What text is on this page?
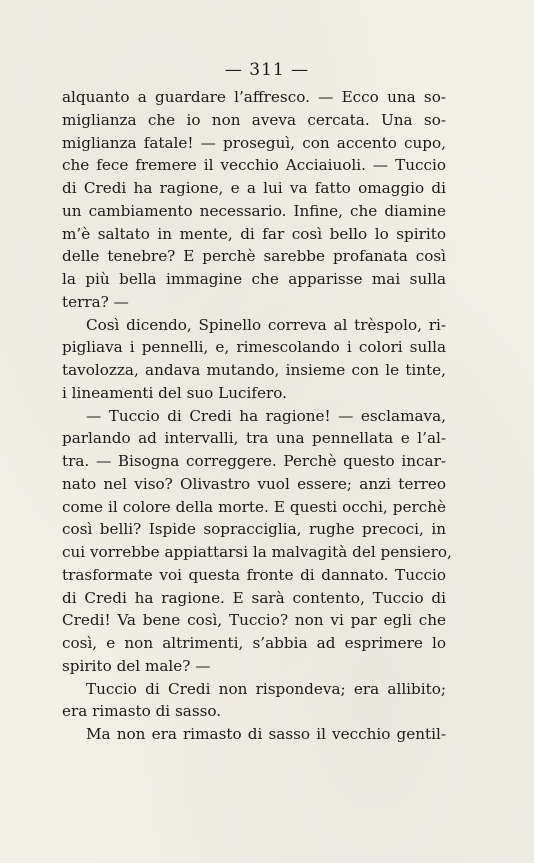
— 311 —
alquanto a guardare l’affresco. — Ecco una so-
miglianza che io non aveva cercata. Una so-
miglianza fatale! — proseguì, con accento cupo,
che fece fremere il vecchio Acciaiuoli. — Tuccio
di Credi ha ragione, e a lui va fatto omaggio di
un cambiamento necessario. Infine, che diamine
m’è saltato in mente, di far così bello lo spirito
delle tenebre? E perchè sarebbe profanata così
la più bella immagine che apparisse mai sulla
terra? —
Così dicendo, Spinello correva al trèspolo, ri-
pigliava i pennelli, e, rimescolando i colori sulla
tavolozza, andava mutando, insieme con le tinte,
i lineamenti del suo Lucifero.
— Tuccio di Credi ha ragione! — esclamava,
parlando ad intervalli, tra una pennellata e l’al-
tra. — Bisogna correggere. Perchè questo incar-
nato nel viso? Olivastro vuol essere; anzi terreo
come il colore della morte. E questi occhi, perchè
così belli? Ispide sopracciglia, rughe precoci, in
cui vorrebbe appiattarsi la malvagità del pensiero,
trasformate voi questa fronte di dannato. Tuccio
di Credi ha ragione. E sarà contento, Tuccio di
Credi! Va bene così, Tuccio? non vi par egli che
così, e non altrimenti, s’abbia ad esprimere lo
spirito del male? —
Tuccio di Credi non rispondeva; era allibito;
era rimasto di sasso.
Ma non era rimasto di sasso il vecchio gentil-
